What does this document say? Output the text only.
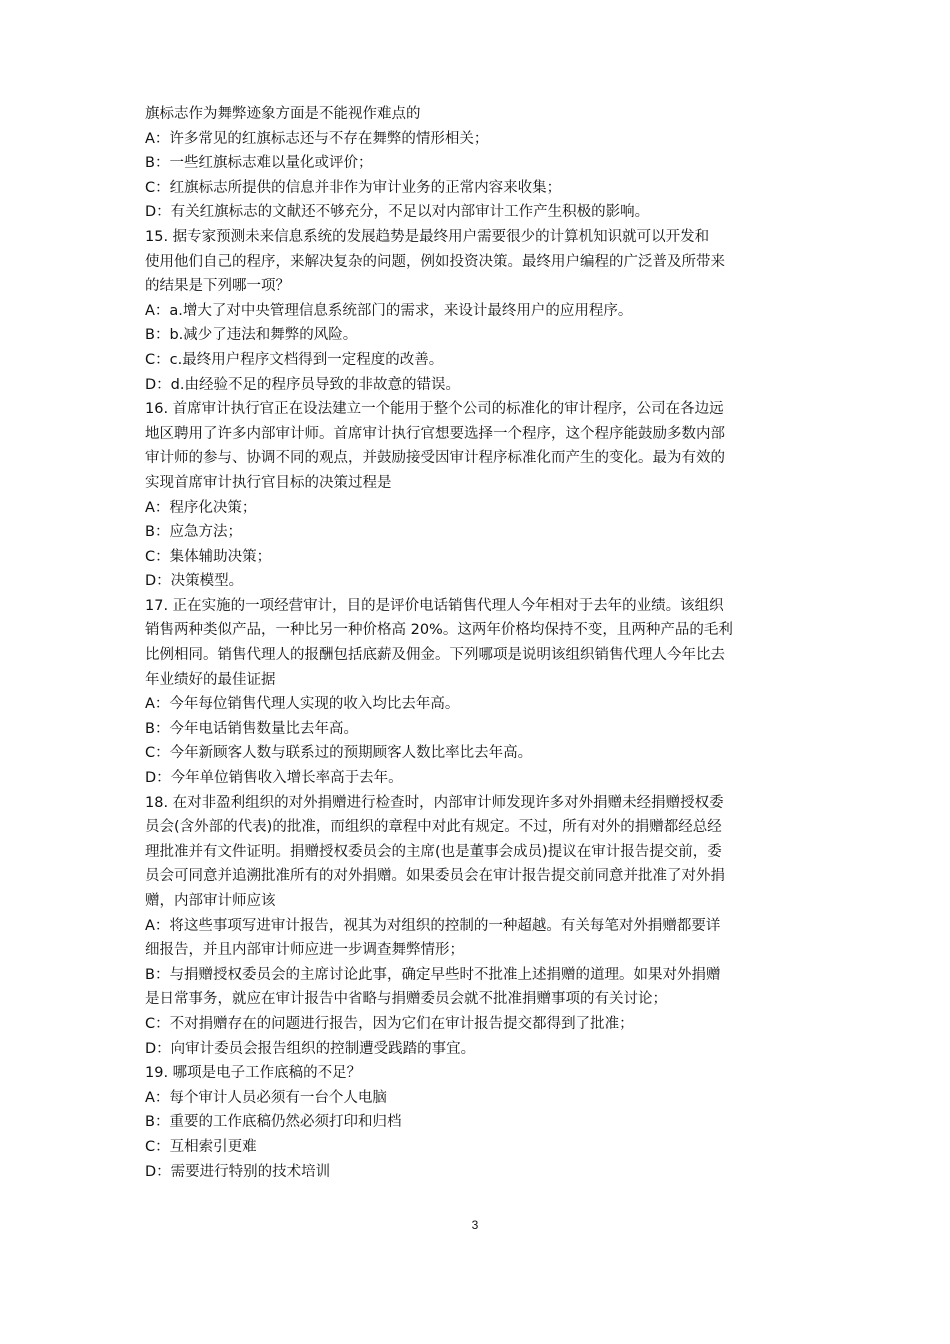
旗标志作为舞弊迹象方面是不能视作难点的
A：许多常见的红旗标志还与不存在舞弊的情形相关；
B：一些红旗标志难以量化或评价；
C：红旗标志所提供的信息并非作为审计业务的正常内容来收集；
D：有关红旗标志的文献还不够充分，不足以对内部审计工作产生积极的影响。
15. 据专家预测未来信息系统的发展趋势是最终用户需要很少的计算机知识就可以开发和
使用他们自己的程序，来解决复杂的问题，例如投资决策。最终用户编程的广泛普及所带来
的结果是下列哪一项？
A：a.增大了对中央管理信息系统部门的需求，来设计最终用户的应用程序。
B：b.减少了违法和舞弊的风险。
C：c.最终用户程序文档得到一定程度的改善。
D：d.由经验不足的程序员导致的非故意的错误。
16. 首席审计执行官正在设法建立一个能用于整个公司的标准化的审计程序，公司在各边远
地区聘用了许多内部审计师。首席审计执行官想要选择一个程序，这个程序能鼓励多数内部
审计师的参与、协调不同的观点，并鼓励接受因审计程序标准化而产生的变化。最为有效的
实现首席审计执行官目标的决策过程是
A：程序化决策；
B：应急方法；
C：集体辅助决策；
D：决策模型。
17. 正在实施的一项经营审计，目的是评价电话销售代理人今年相对于去年的业绩。该组织
销售两种类似产品，一种比另一种价格高 20%。这两年价格均保持不变，且两种产品的毛利
比例相同。销售代理人的报酬包括底薪及佣金。下列哪项是说明该组织销售代理人今年比去
年业绩好的最佳证据
A：今年每位销售代理人实现的收入均比去年高。
B：今年电话销售数量比去年高。
C：今年新顾客人数与联系过的预期顾客人数比率比去年高。
D：今年单位销售收入增长率高于去年。
18. 在对非盈利组织的对外捐赠进行检查时，内部审计师发现许多对外捐赠未经捐赠授权委
员会(含外部的代表)的批准，而组织的章程中对此有规定。不过，所有对外的捐赠都经总经
理批准并有文件证明。捐赠授权委员会的主席(也是董事会成员)提议在审计报告提交前，委
员会可同意并追溯批准所有的对外捐赠。如果委员会在审计报告提交前同意并批准了对外捐
赠，内部审计师应该
A：将这些事项写进审计报告，视其为对组织的控制的一种超越。有关每笔对外捐赠都要详
细报告，并且内部审计师应进一步调查舞弊情形；
B：与捐赠授权委员会的主席讨论此事，确定早些时不批准上述捐赠的道理。如果对外捐赠
是日常事务，就应在审计报告中省略与捐赠委员会就不批准捐赠事项的有关讨论；
C：不对捐赠存在的问题进行报告，因为它们在审计报告提交都得到了批准；
D：向审计委员会报告组织的控制遭受践踏的事宜。
19. 哪项是电子工作底稿的不足？
A：每个审计人员必须有一台个人电脑
B：重要的工作底稿仍然必须打印和归档
C：互相索引更难
D：需要进行特别的技术培训
3
